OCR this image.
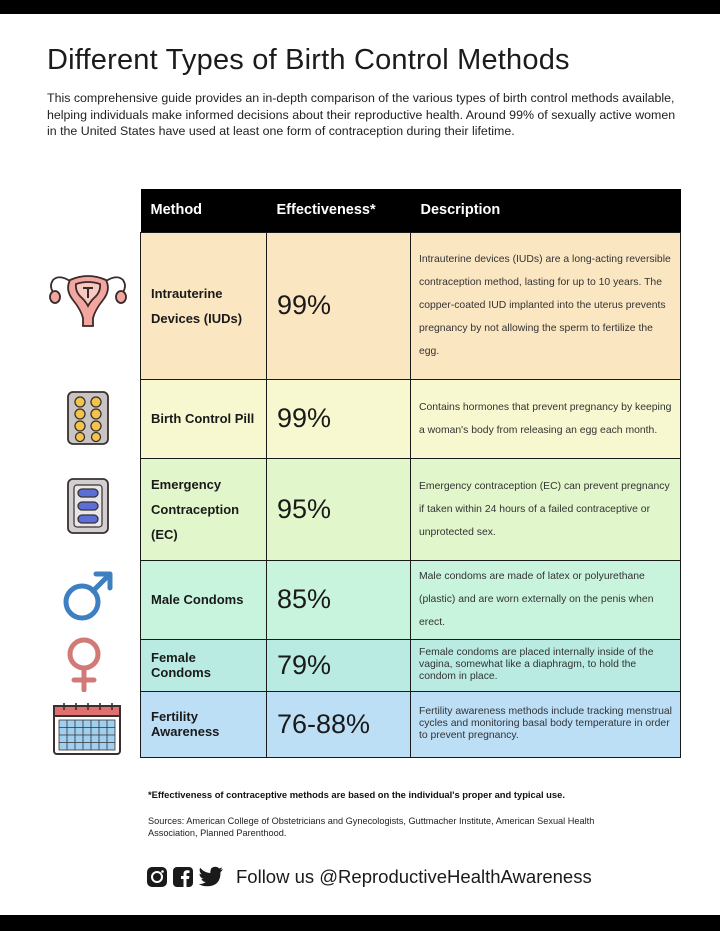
Different Types of Birth Control Methods

This comprehensive guide provides an in-depth comparison of the various types of birth control methods available, helping individuals make informed decisions about their reproductive health. Around 99% of sexually active women in the United States have used at least one form of contraception during their lifetime.

Method	Effectiveness*	Description
Intrauterine Devices (IUDs)	99%	Intrauterine devices (IUDs) are a long-acting reversible contraception method, lasting for up to 10 years. The copper-coated IUD implanted into the uterus prevents pregnancy by not allowing the sperm to fertilize the egg.
Birth Control Pill	99%	Contains hormones that prevent pregnancy by keeping a woman's body from releasing an egg each month.
Emergency Contraception (EC)	95%	Emergency contraception (EC) can prevent pregnancy if taken within 24 hours of a failed contraceptive or unprotected sex.
Male Condoms	85%	Male condoms are made of latex or polyurethane (plastic) and are worn externally on the penis when erect.
Female Condoms	79%	Female condoms are placed internally inside of the vagina, somewhat like a diaphragm, to hold the condom in place.
Fertility Awareness	76-88%	Fertility awareness methods include tracking menstrual cycles and monitoring basal body temperature in order to prevent pregnancy.

*Effectiveness of contraceptive methods are based on the individual's proper and typical use.

Sources: American College of Obstetricians and Gynecologists, Guttmacher Institute, American Sexual Health Association, Planned Parenthood.

Follow us @ReproductiveHealthAwareness
